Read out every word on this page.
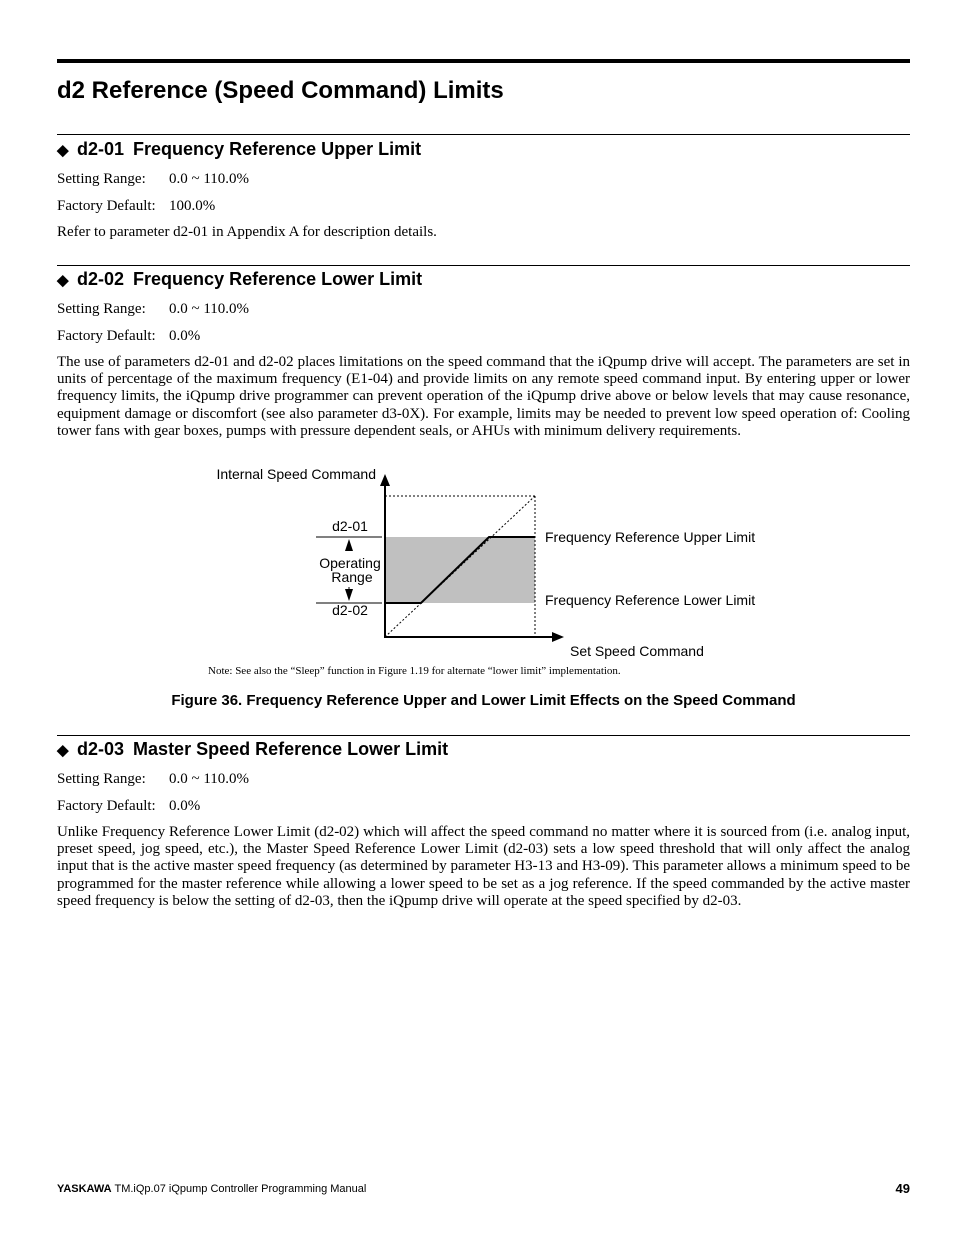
d2 Reference (Speed Command) Limits
◆ d2-01 Frequency Reference Upper Limit
Setting Range: 0.0 ~ 110.0%
Factory Default: 100.0%
Refer to parameter d2-01 in Appendix A for description details.
◆ d2-02 Frequency Reference Lower Limit
Setting Range: 0.0 ~ 110.0%
Factory Default: 0.0%
The use of parameters d2-01 and d2-02 places limitations on the speed command that the iQpump drive will accept. The parameters are set in units of percentage of the maximum frequency (E1-04) and provide limits on any remote speed command input. By entering upper or lower frequency limits, the iQpump drive programmer can prevent operation of the iQpump drive above or below levels that may cause resonance, equipment damage or discomfort (see also parameter d3-0X). For example, limits may be needed to prevent low speed operation of: Cooling tower fans with gear boxes, pumps with pressure dependent seals, or AHUs with minimum delivery requirements.
Internal Speed Command
d2-01
d2-02
Operating
Range
Frequency Reference Upper Limit
Frequency Reference Lower Limit
Set Speed Command
Note: See also the “Sleep” function in Figure 1.19 for alternate “lower limit” implementation.
Figure 36. Frequency Reference Upper and Lower Limit Effects on the Speed Command
◆ d2-03 Master Speed Reference Lower Limit
Setting Range: 0.0 ~ 110.0%
Factory Default: 0.0%
Unlike Frequency Reference Lower Limit (d2-02) which will affect the speed command no matter where it is sourced from (i.e. analog input, preset speed, jog speed, etc.), the Master Speed Reference Lower Limit (d2-03) sets a low speed threshold that will only affect the analog input that is the active master speed frequency (as determined by parameter H3-13 and H3-09). This parameter allows a minimum speed to be programmed for the master reference while allowing a lower speed to be set as a jog reference. If the speed commanded by the active master speed frequency is below the setting of d2-03, then the iQpump drive will operate at the speed specified by d2-03.
YASKAWA TM.iQp.07 iQpump Controller Programming Manual	49
